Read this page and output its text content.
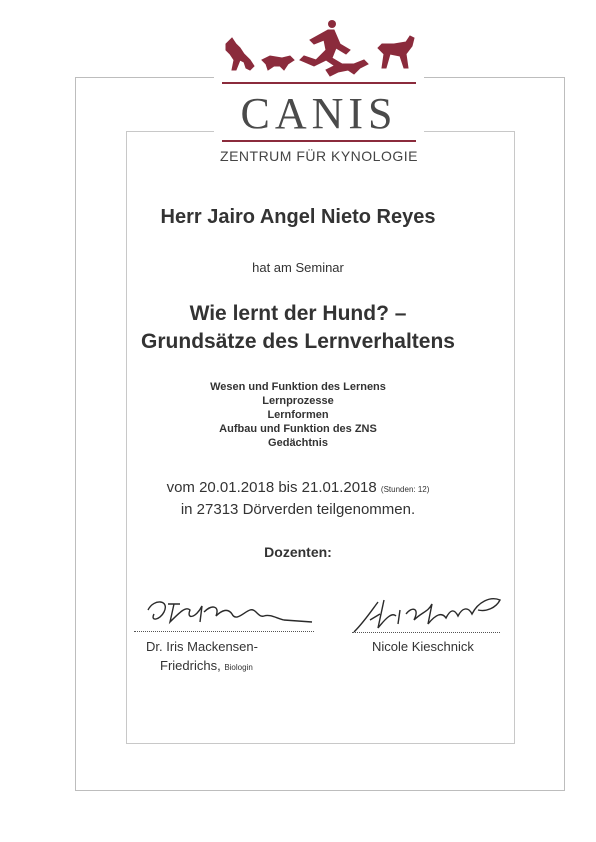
CANIS
ZENTRUM FÜR KYNOLOGIE
Herr Jairo Angel Nieto Reyes
hat am Seminar
Wie lernt der Hund? –
Grundsätze des Lernverhaltens
Wesen und Funktion des Lernens
Lernprozesse
Lernformen
Aufbau und Funktion des ZNS
Gedächtnis
vom 20.01.2018 bis 21.01.2018 (Stunden: 12)
in 27313 Dörverden teilgenommen.
Dozenten:
Dr. Iris Mackensen-
Friedrichs, Biologin
Nicole Kieschnick
